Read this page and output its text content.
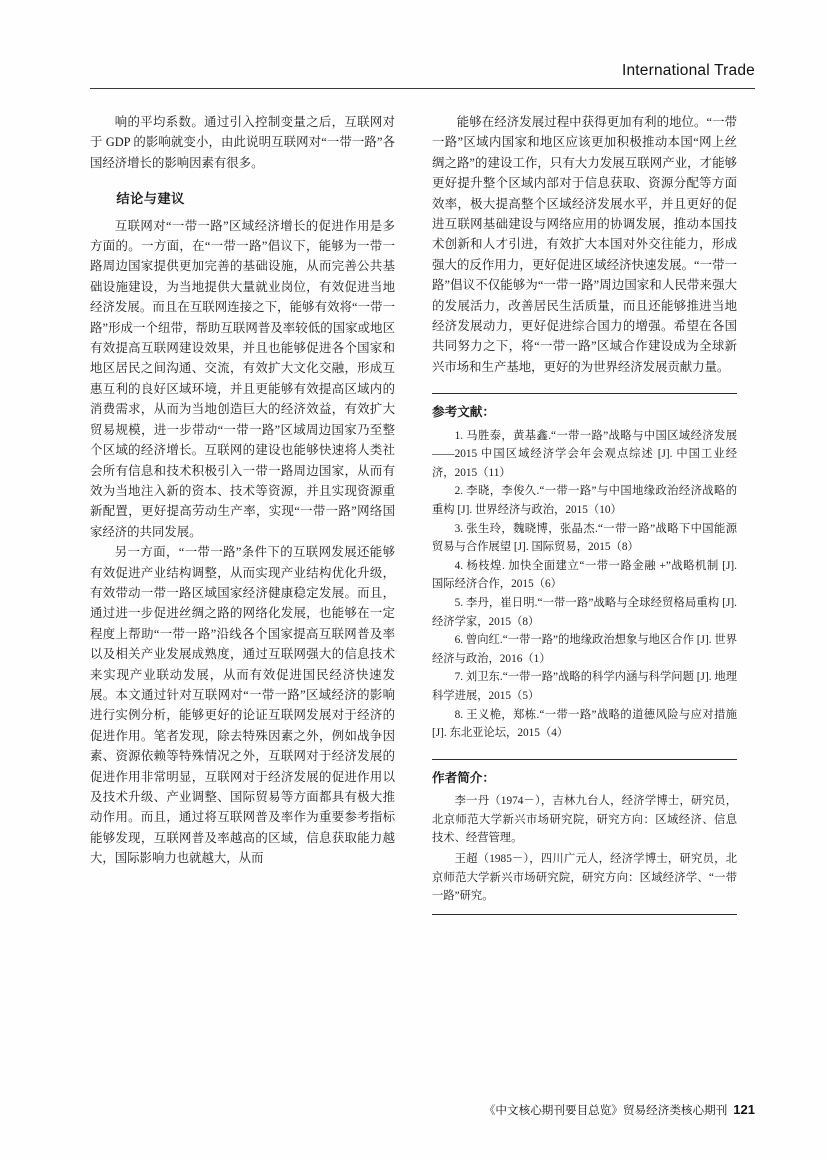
International Trade

响的平均系数。通过引入控制变量之后，互联网对于 GDP 的影响就变小，由此说明互联网对“一带一路”各国经济增长的影响因素有很多。

结论与建议

互联网对“一带一路”区域经济增长的促进作用是多方面的。一方面，在“一带一路”倡议下，能够为一带一路周边国家提供更加完善的基础设施，从而完善公共基础设施建设，为当地提供大量就业岗位，有效促进当地经济发展。而且在互联网连接之下，能够有效将“一带一路”形成一个纽带，帮助互联网普及率较低的国家或地区有效提高互联网建设效果，并且也能够促进各个国家和地区居民之间沟通、交流，有效扩大文化交融，形成互惠互利的良好区域环境，并且更能够有效提高区域内的消费需求，从而为当地创造巨大的经济效益，有效扩大贸易规模，进一步带动“一带一路”区域周边国家乃至整个区域的经济增长。互联网的建设也能够快速将人类社会所有信息和技术积极引入一带一路周边国家，从而有效为当地注入新的资本、技术等资源，并且实现资源重新配置，更好提高劳动生产率，实现“一带一路”网络国家经济的共同发展。

另一方面，“一带一路”条件下的互联网发展还能够有效促进产业结构调整，从而实现产业结构优化升级，有效带动一带一路区域国家经济健康稳定发展。而且，通过进一步促进丝绸之路的网络化发展，也能够在一定程度上帮助“一带一路”沿线各个国家提高互联网普及率以及相关产业发展成熟度，通过互联网强大的信息技术来实现产业联动发展，从而有效促进国民经济快速发展。本文通过针对互联网对“一带一路”区域经济的影响进行实例分析，能够更好的论证互联网发展对于经济的促进作用。笔者发现，除去特殊因素之外，例如战争因素、资源依赖等特殊情况之外，互联网对于经济发展的促进作用非常明显，互联网对于经济发展的促进作用以及技术升级、产业调整、国际贸易等方面都具有极大推动作用。而且，通过将互联网普及率作为重要参考指标能够发现，互联网普及率越高的区域，信息获取能力越大，国际影响力也就越大，从而

能够在经济发展过程中获得更加有利的地位。“一带一路”区域内国家和地区应该更加积极推动本国“网上丝绸之路”的建设工作，只有大力发展互联网产业，才能够更好提升整个区域内部对于信息获取、资源分配等方面效率，极大提高整个区域经济发展水平，并且更好的促进互联网基础建设与网络应用的协调发展，推动本国技术创新和人才引进，有效扩大本国对外交往能力，形成强大的反作用力，更好促进区域经济快速发展。“一带一路”倡议不仅能够为“一带一路”周边国家和人民带来强大的发展活力，改善居民生活质量，而且还能够推进当地经济发展动力，更好促进综合国力的增强。希望在各国共同努力之下，将“一带一路”区域合作建设成为全球新兴市场和生产基地，更好的为世界经济发展贡献力量。

参考文献：
1. 马胜泰，黄基鑫.“一带一路”战略与中国区域经济发展——2015 中国区域经济学会年会观点综述 [J]. 中国工业经济，2015（11）
2. 李晓，李俊久.“一带一路”与中国地缘政治经济战略的重构 [J]. 世界经济与政治，2015（10）
3. 张生玲，魏晓博，张晶杰.“一带一路”战略下中国能源贸易与合作展望 [J]. 国际贸易，2015（8）
4. 杨枝煌. 加快全面建立“一带一路金融 +”战略机制 [J]. 国际经济合作，2015（6）
5. 李丹，崔日明.“一带一路”战略与全球经贸格局重构 [J]. 经济学家，2015（8）
6. 曾向红.“一带一路”的地缘政治想象与地区合作 [J]. 世界经济与政治，2016（1）
7. 刘卫东.“一带一路”战略的科学内涵与科学问题 [J]. 地理科学进展，2015（5）
8. 王义桅，郑栋.“一带一路”战略的道德风险与应对措施 [J]. 东北亚论坛，2015（4）
作者简介：

李一丹（1974－），吉林九台人，经济学博士，研究员，北京师范大学新兴市场研究院，研究方向：区域经济、信息技术、经营管理。

王超（1985－），四川广元人，经济学博士，研究员，北京师范大学新兴市场研究院，研究方向：区域经济学、“一带一路”研究。

《中文核心期刊要目总览》贸易经济类核心期刊 121
